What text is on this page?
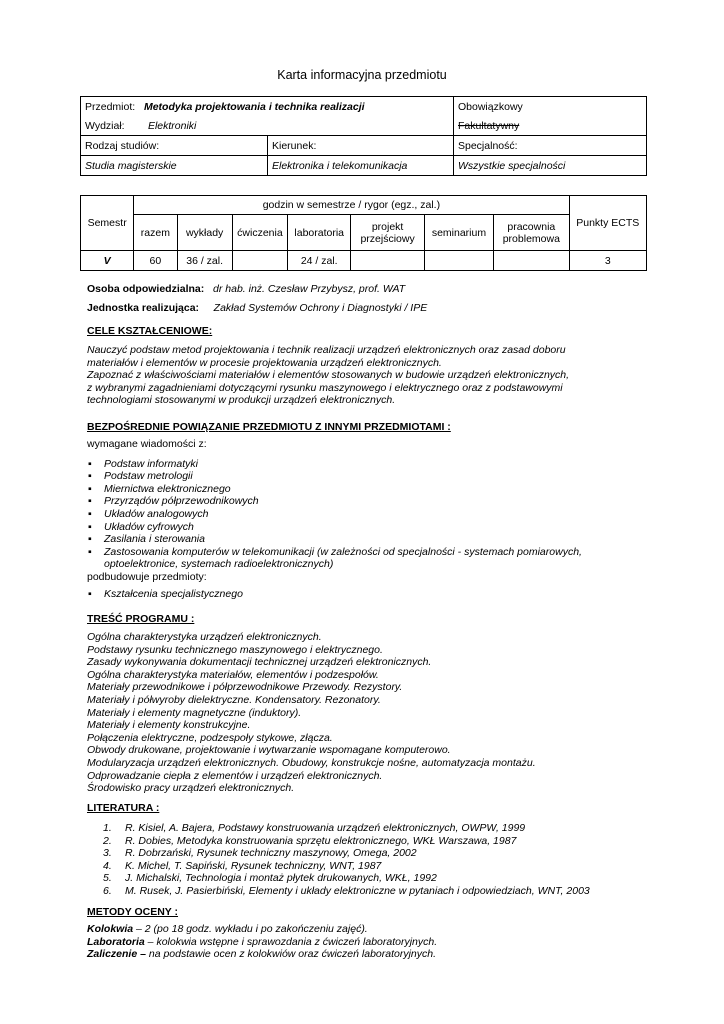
Karta informacyjna przedmiotu
Przedmiot: Metodyka projektowania i technika realizacji		Obowiązkowy
Wydział: Elektroniki		Fakultatywny
Rodzaj studiów:	Kierunek:	Specjalność:
Studia magisterskie	Elektronika i telekomunikacja	Wszystkie specjalności
Semestr	godzin w semestrze / rygor (egz., zal.)							Punkty ECTS
	razem	wykłady	ćwiczenia	laboratoria	projekt przejściowy	seminarium	pracownia problemowa	
V	60	36 / zal.		24 / zal.				3
Osoba odpowiedzialna: dr hab. inż. Czesław Przybysz, prof. WAT
Jednostka realizująca: Zakład Systemów Ochrony i Diagnostyki / IPE

CELE KSZTAŁCENIOWE:

Nauczyć podstaw metod projektowania i technik realizacji urządzeń elektronicznych oraz zasad doboru
materiałów i elementów w procesie projektowania urządzeń elektronicznych.
Zapoznać z właściwościami materiałów i elementów stosowanych w budowie urządzeń elektronicznych,
z wybranymi zagadnieniami dotyczącymi rysunku maszynowego i elektrycznego oraz z podstawowymi
technologiami stosowanymi w produkcji urządzeń elektronicznych.

BEZPOŚREDNIE POWIĄZANIE PRZEDMIOTU Z INNYMI PRZEDMIOTAMI :

wymagane wiadomości z:

▪ Podstaw informatyki
▪ Podstaw metrologii
▪ Miernictwa elektronicznego
▪ Przyrządów półprzewodnikowych
▪ Układów analogowych
▪ Układów cyfrowych
▪ Zasilania i sterowania
▪ Zastosowania komputerów w telekomunikacji (w zależności od specjalności - systemach pomiarowych, optoelektronice, systemach radioelektronicznych)

podbudowuje przedmioty:

▪ Kształcenia specjalistycznego

TREŚĆ PROGRAMU :

Ogólna charakterystyka urządzeń elektronicznych.
Podstawy rysunku technicznego maszynowego i elektrycznego.
Zasady wykonywania dokumentacji technicznej urządzeń elektronicznych.
Ogólna charakterystyka materiałów, elementów i podzespołów.
Materiały przewodnikowe i półprzewodnikowe Przewody. Rezystory.
Materiały i półwyroby dielektryczne. Kondensatory. Rezonatory.
Materiały i elementy magnetyczne (induktory).
Materiały i elementy konstrukcyjne.
Połączenia elektryczne, podzespoły stykowe, złącza.
Obwody drukowane, projektowanie i wytwarzanie wspomagane komputerowo.
Modularyzacja urządzeń elektronicznych. Obudowy, konstrukcje nośne, automatyzacja montażu.
Odprowadzanie ciepła z elementów i urządzeń elektronicznych.
Środowisko pracy urządzeń elektronicznych.

LITERATURA :

1. R. Kisiel, A. Bajera, Podstawy konstruowania urządzeń elektronicznych, OWPW, 1999
2. R. Dobies, Metodyka konstruowania sprzętu elektronicznego, WKŁ Warszawa, 1987
3. R. Dobrzański, Rysunek techniczny maszynowy, Omega, 2002
4. K. Michel, T. Sapiński, Rysunek techniczny, WNT, 1987
5. J. Michalski, Technologia i montaż płytek drukowanych, WKŁ, 1992
6. M. Rusek, J. Pasierbiński, Elementy i układy elektroniczne w pytaniach i odpowiedziach, WNT, 2003

METODY OCENY :

Kolokwia – 2 (po 18 godz. wykładu i po zakończeniu zajęć).
Laboratoria – kolokwia wstępne i sprawozdania z ćwiczeń laboratoryjnych.
Zaliczenie – na podstawie ocen z kolokwiów oraz ćwiczeń laboratoryjnych.
